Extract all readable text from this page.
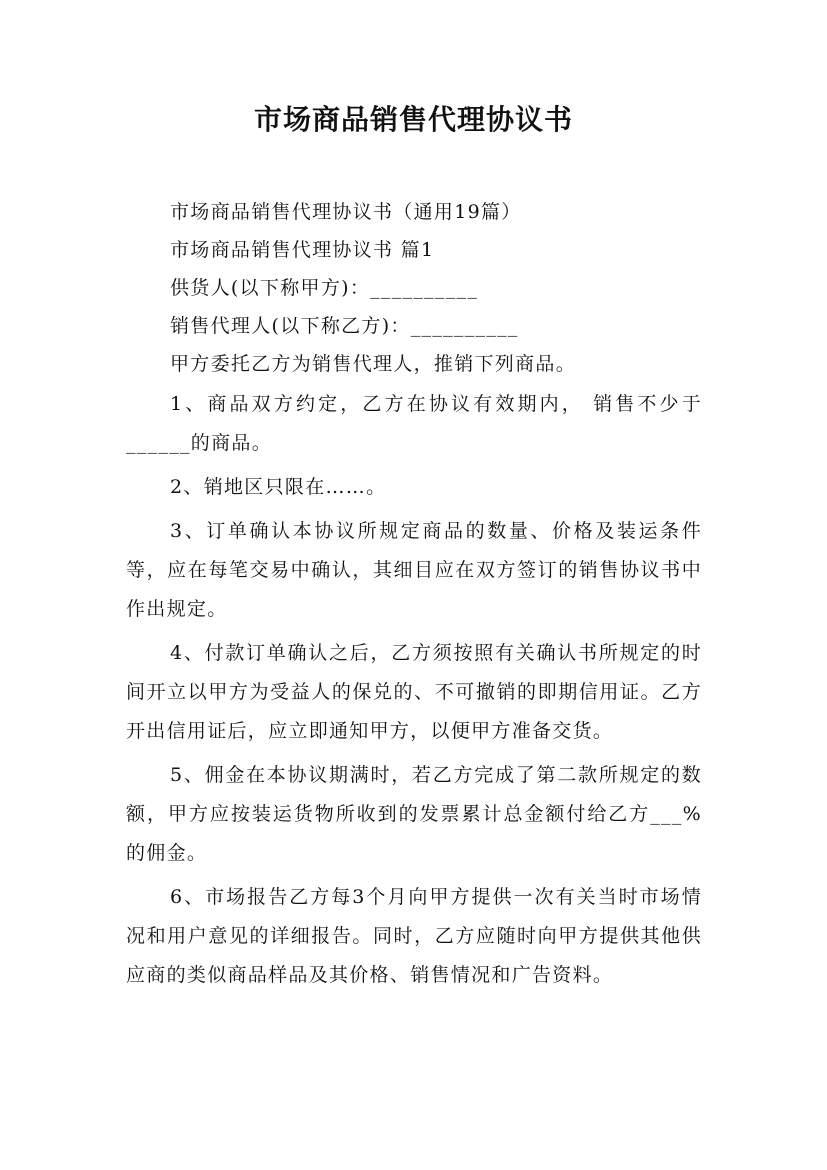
市场商品销售代理协议书
市场商品销售代理协议书（通用19篇）
市场商品销售代理协议书 篇1
供货人(以下称甲方)：__________
销售代理人(以下称乙方)：__________
甲方委托乙方为销售代理人，推销下列商品。

1、商品双方约定，乙方在协议有效期内， 销售不少于______的商品。

2、销地区只限在……。

3、订单确认本协议所规定商品的数量、价格及装运条件等，应在每笔交易中确认，其细目应在双方签订的销售协议书中作出规定。

4、付款订单确认之后，乙方须按照有关确认书所规定的时间开立以甲方为受益人的保兑的、不可撤销的即期信用证。乙方开出信用证后，应立即通知甲方，以便甲方准备交货。

5、佣金在本协议期满时，若乙方完成了第二款所规定的数额，甲方应按装运货物所收到的发票累计总金额付给乙方___%的佣金。

6、市场报告乙方每3个月向甲方提供一次有关当时市场情况和用户意见的详细报告。同时，乙方应随时向甲方提供其他供应商的类似商品样品及其价格、销售情况和广告资料。
